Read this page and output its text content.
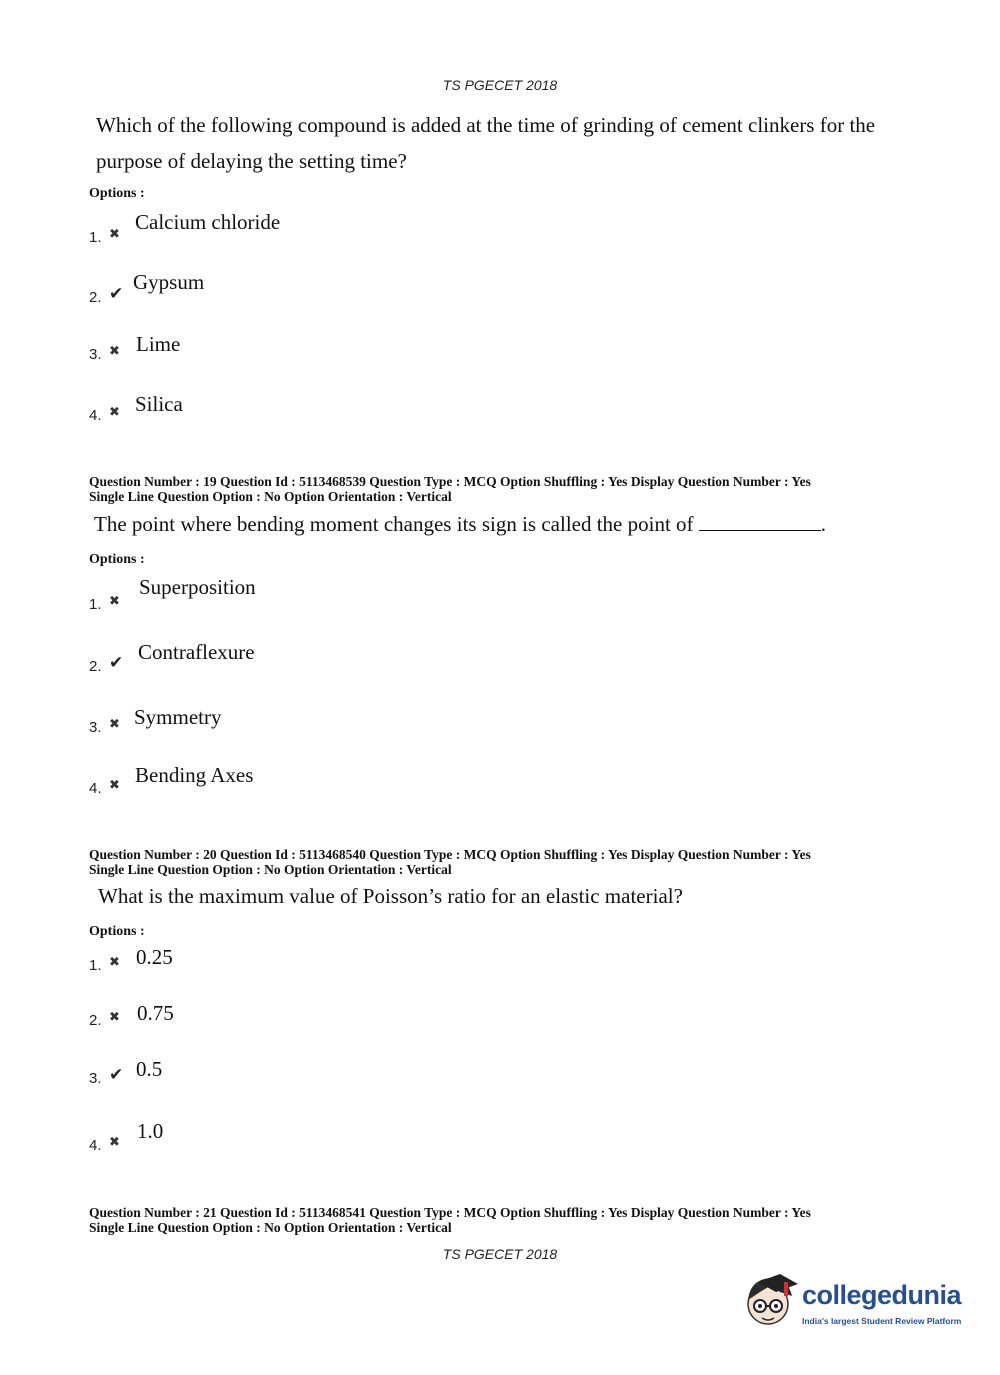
TS PGECET 2018
Which of the following compound is added at the time of grinding of cement clinkers for the purpose of delaying the setting time?
Options :
1. ✖ Calcium chloride
2. ✔ Gypsum
3. ✖ Lime
4. ✖ Silica
Question Number : 19 Question Id : 5113468539 Question Type : MCQ Option Shuffling : Yes Display Question Number : Yes
Single Line Question Option : No Option Orientation : Vertical
The point where bending moment changes its sign is called the point of	.
Options :
1. ✖
Superposition
2. ✔ Contraflexure
3. ✖ Symmetry
4. ✖ Bending Axes
Question Number : 20 Question Id : 5113468540 Question Type : MCQ Option Shuffling : Yes Display Question Number : Yes
Single Line Question Option : No Option Orientation : Vertical
What is the maximum value of Poisson’s ratio for an elastic material?
Options :
1. ✖ 0.25
2. ✖ 0.75
3. ✔ 0.5
4. ✖ 1.0
Question Number : 21 Question Id : 5113468541 Question Type : MCQ Option Shuffling : Yes Display Question Number : Yes
Single Line Question Option : No Option Orientation : Vertical
TS PGECET 2018
collegedunia
India's largest Student Review Platform
